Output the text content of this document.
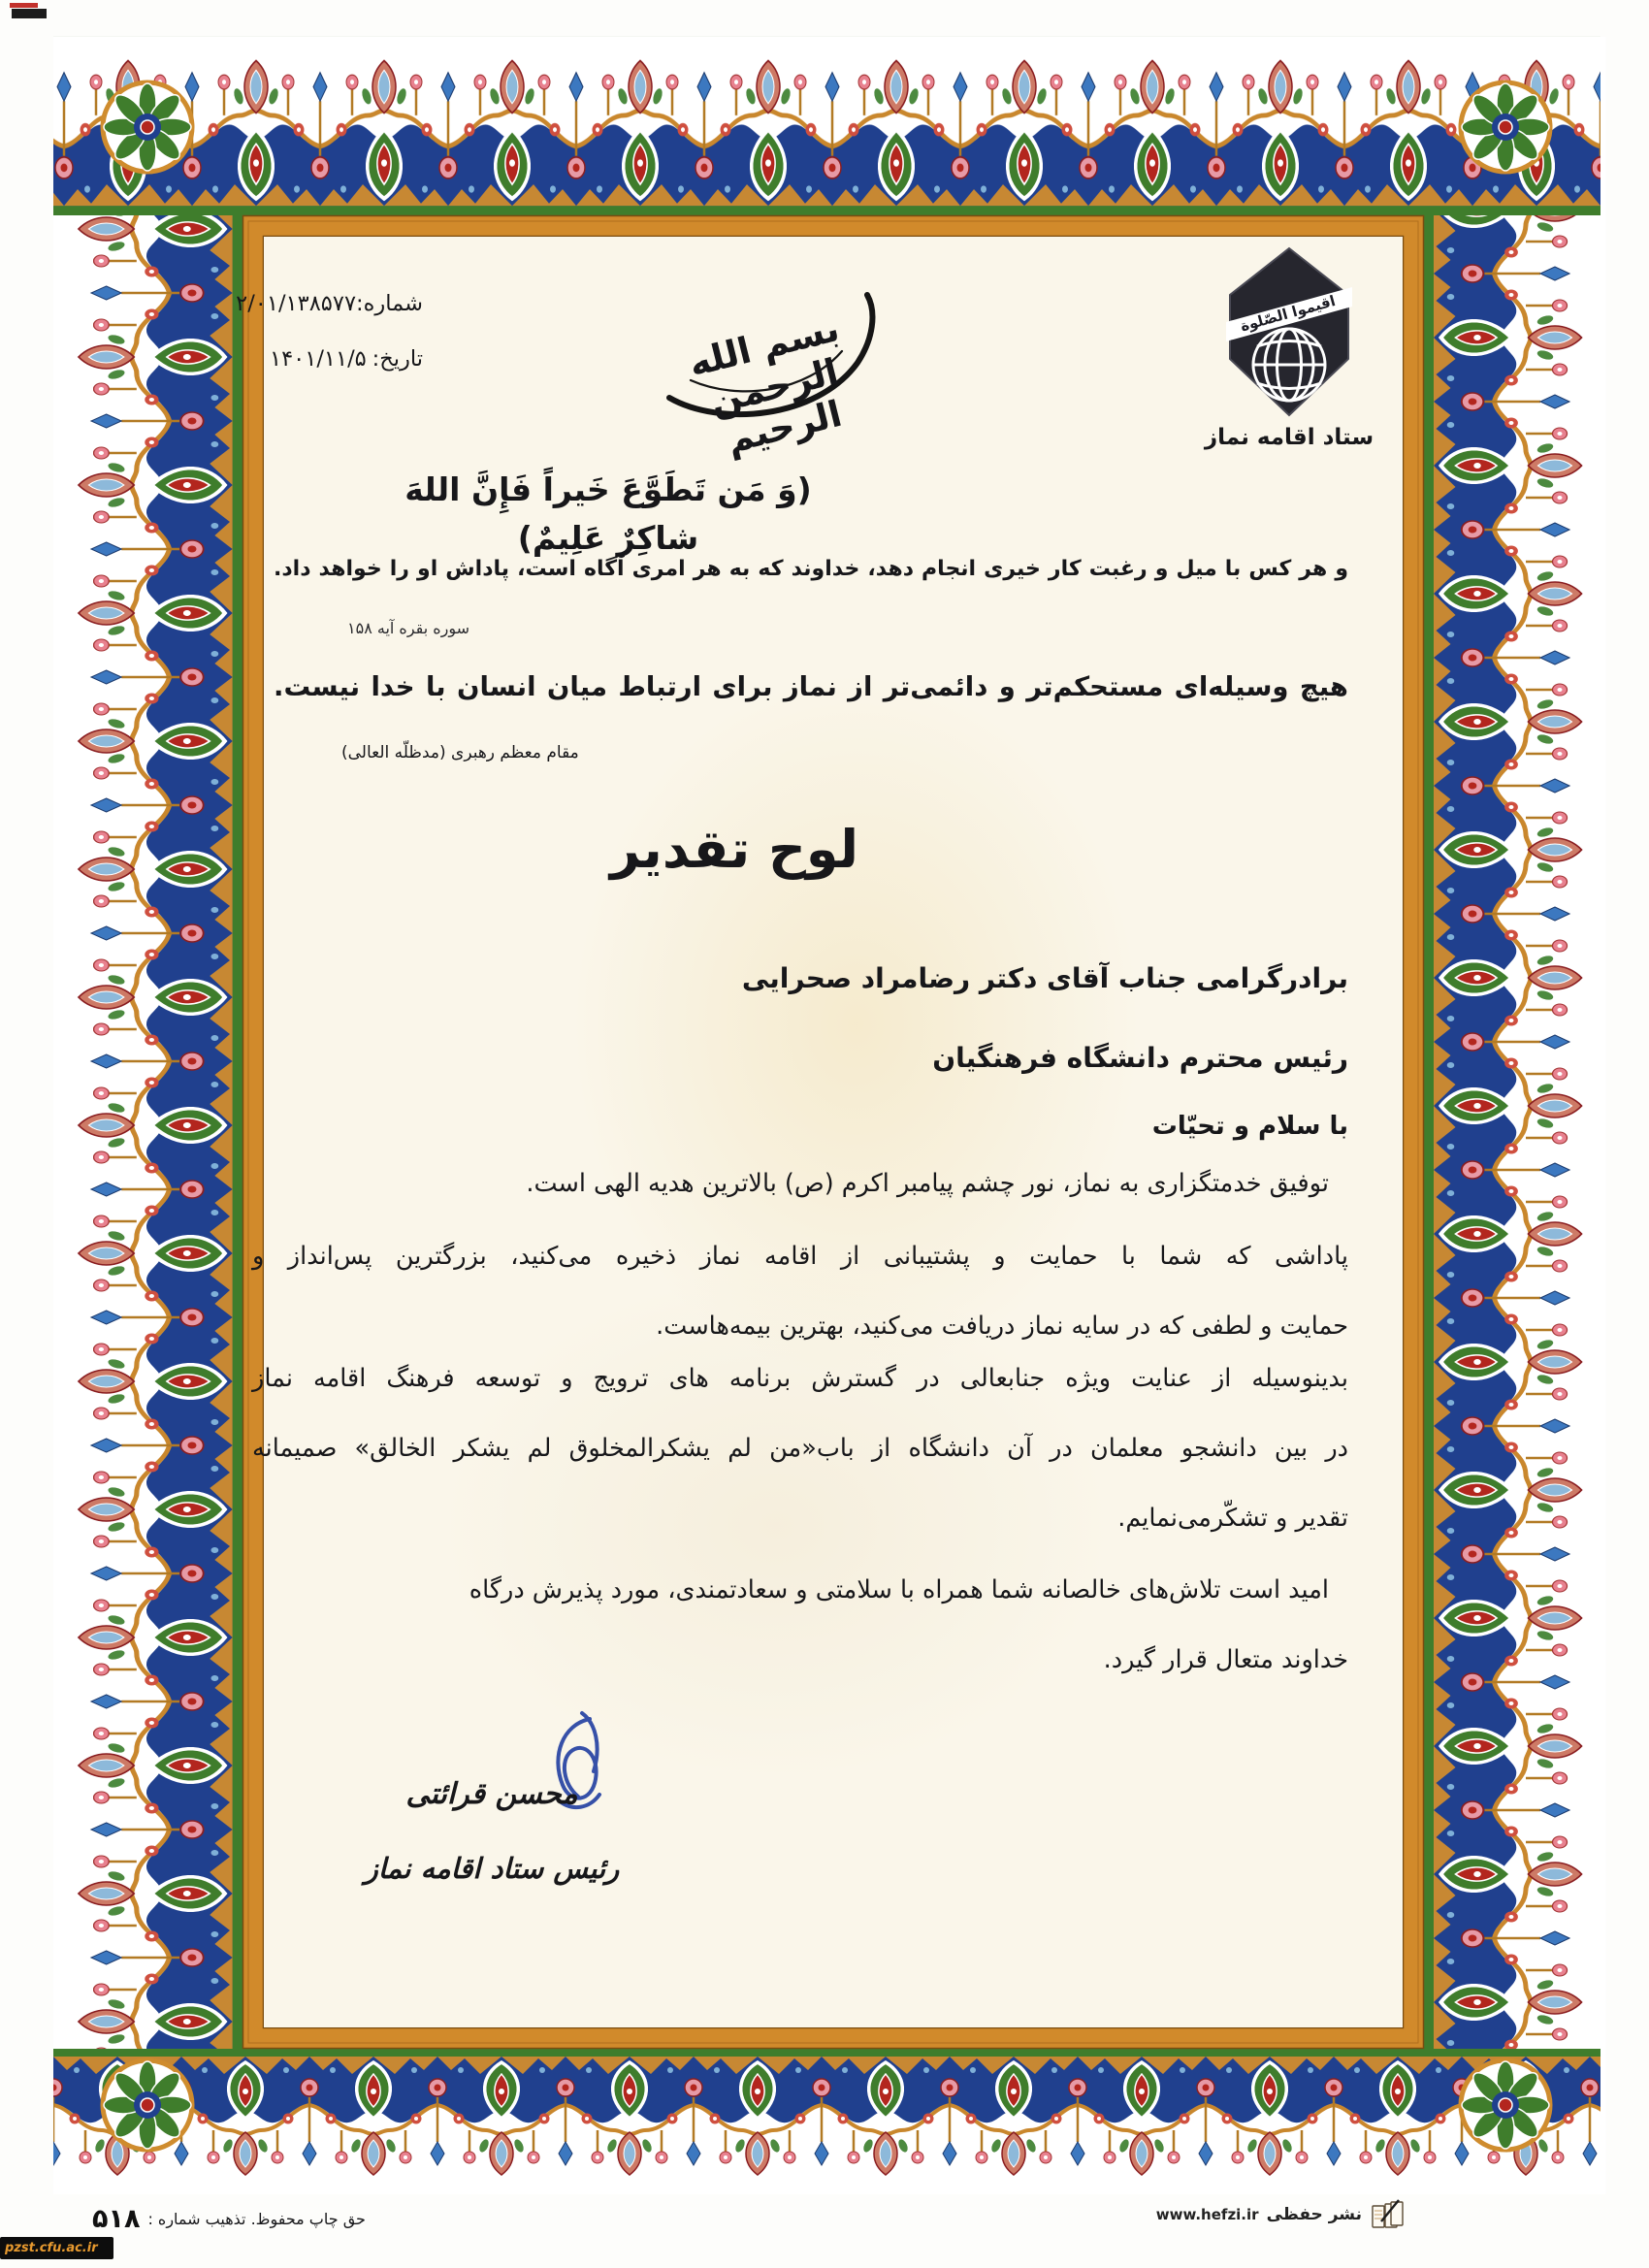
شماره:
۲/۰۱/۱۳۸۵۷۷
تاریخ:
۱۴۰۱/۱۱/۵	بسم الله الرحمن الرحیم
اقيموا الصّلوة
ستاد اقامه نماز
(وَ مَن تَطَوَّعَ خَیراً فَإِنَّ اللهَ شاکِرٌ عَلِیمٌ)
و هر کس با میل و رغبت کار خیری انجام دهد، خداوند که به هر امری آگاه است، پاداش او را خواهد داد.
سوره بقره آیه ۱۵۸
هیچ وسیله‌ای مستحکم‌تر و دائمی‌تر از نماز برای ارتباط میان انسان با خدا نیست.
مقام معظم رهبری (مدظلّه العالی)
لوح تقدیر
برادرگرامی جناب آقای دکتر رضامراد صحرایی
رئیس محترم دانشگاه فرهنگیان
با سلام و تحیّات
توفیق خدمتگزاری به نماز، نور چشم پیامبر اکرم (ص) بالاترین هدیه الهی است.
پاداشی که شما با حمایت و پشتیبانی از اقامه نماز ذخیره می‌کنید، بزرگترین پس‌انداز و
حمایت و لطفی که در سایه نماز دریافت می‌کنید، بهترین بیمه‌هاست.
بدینوسیله از عنایت ویژه جنابعالی در گسترش برنامه های ترویج و توسعه فرهنگ اقامه نماز
در بین دانشجو معلمان در آن دانشگاه از باب«من لم یشکرالمخلوق لم یشکر الخالق» صمیمانه
تقدیر و تشکّرمی‌نمایم.
امید است تلاش‌های خالصانه شما همراه با سلامتی و سعادتمندی، مورد پذیرش درگاه
خداوند متعال قرار گیرد.
محسن قرائتی
رئیس ستاد اقامه نماز
حق چاپ محفوظ. تذهیب شماره :
۵۱۸	نشر حفظی
www.hefzi.ir
pzst.cfu.ac.ir
